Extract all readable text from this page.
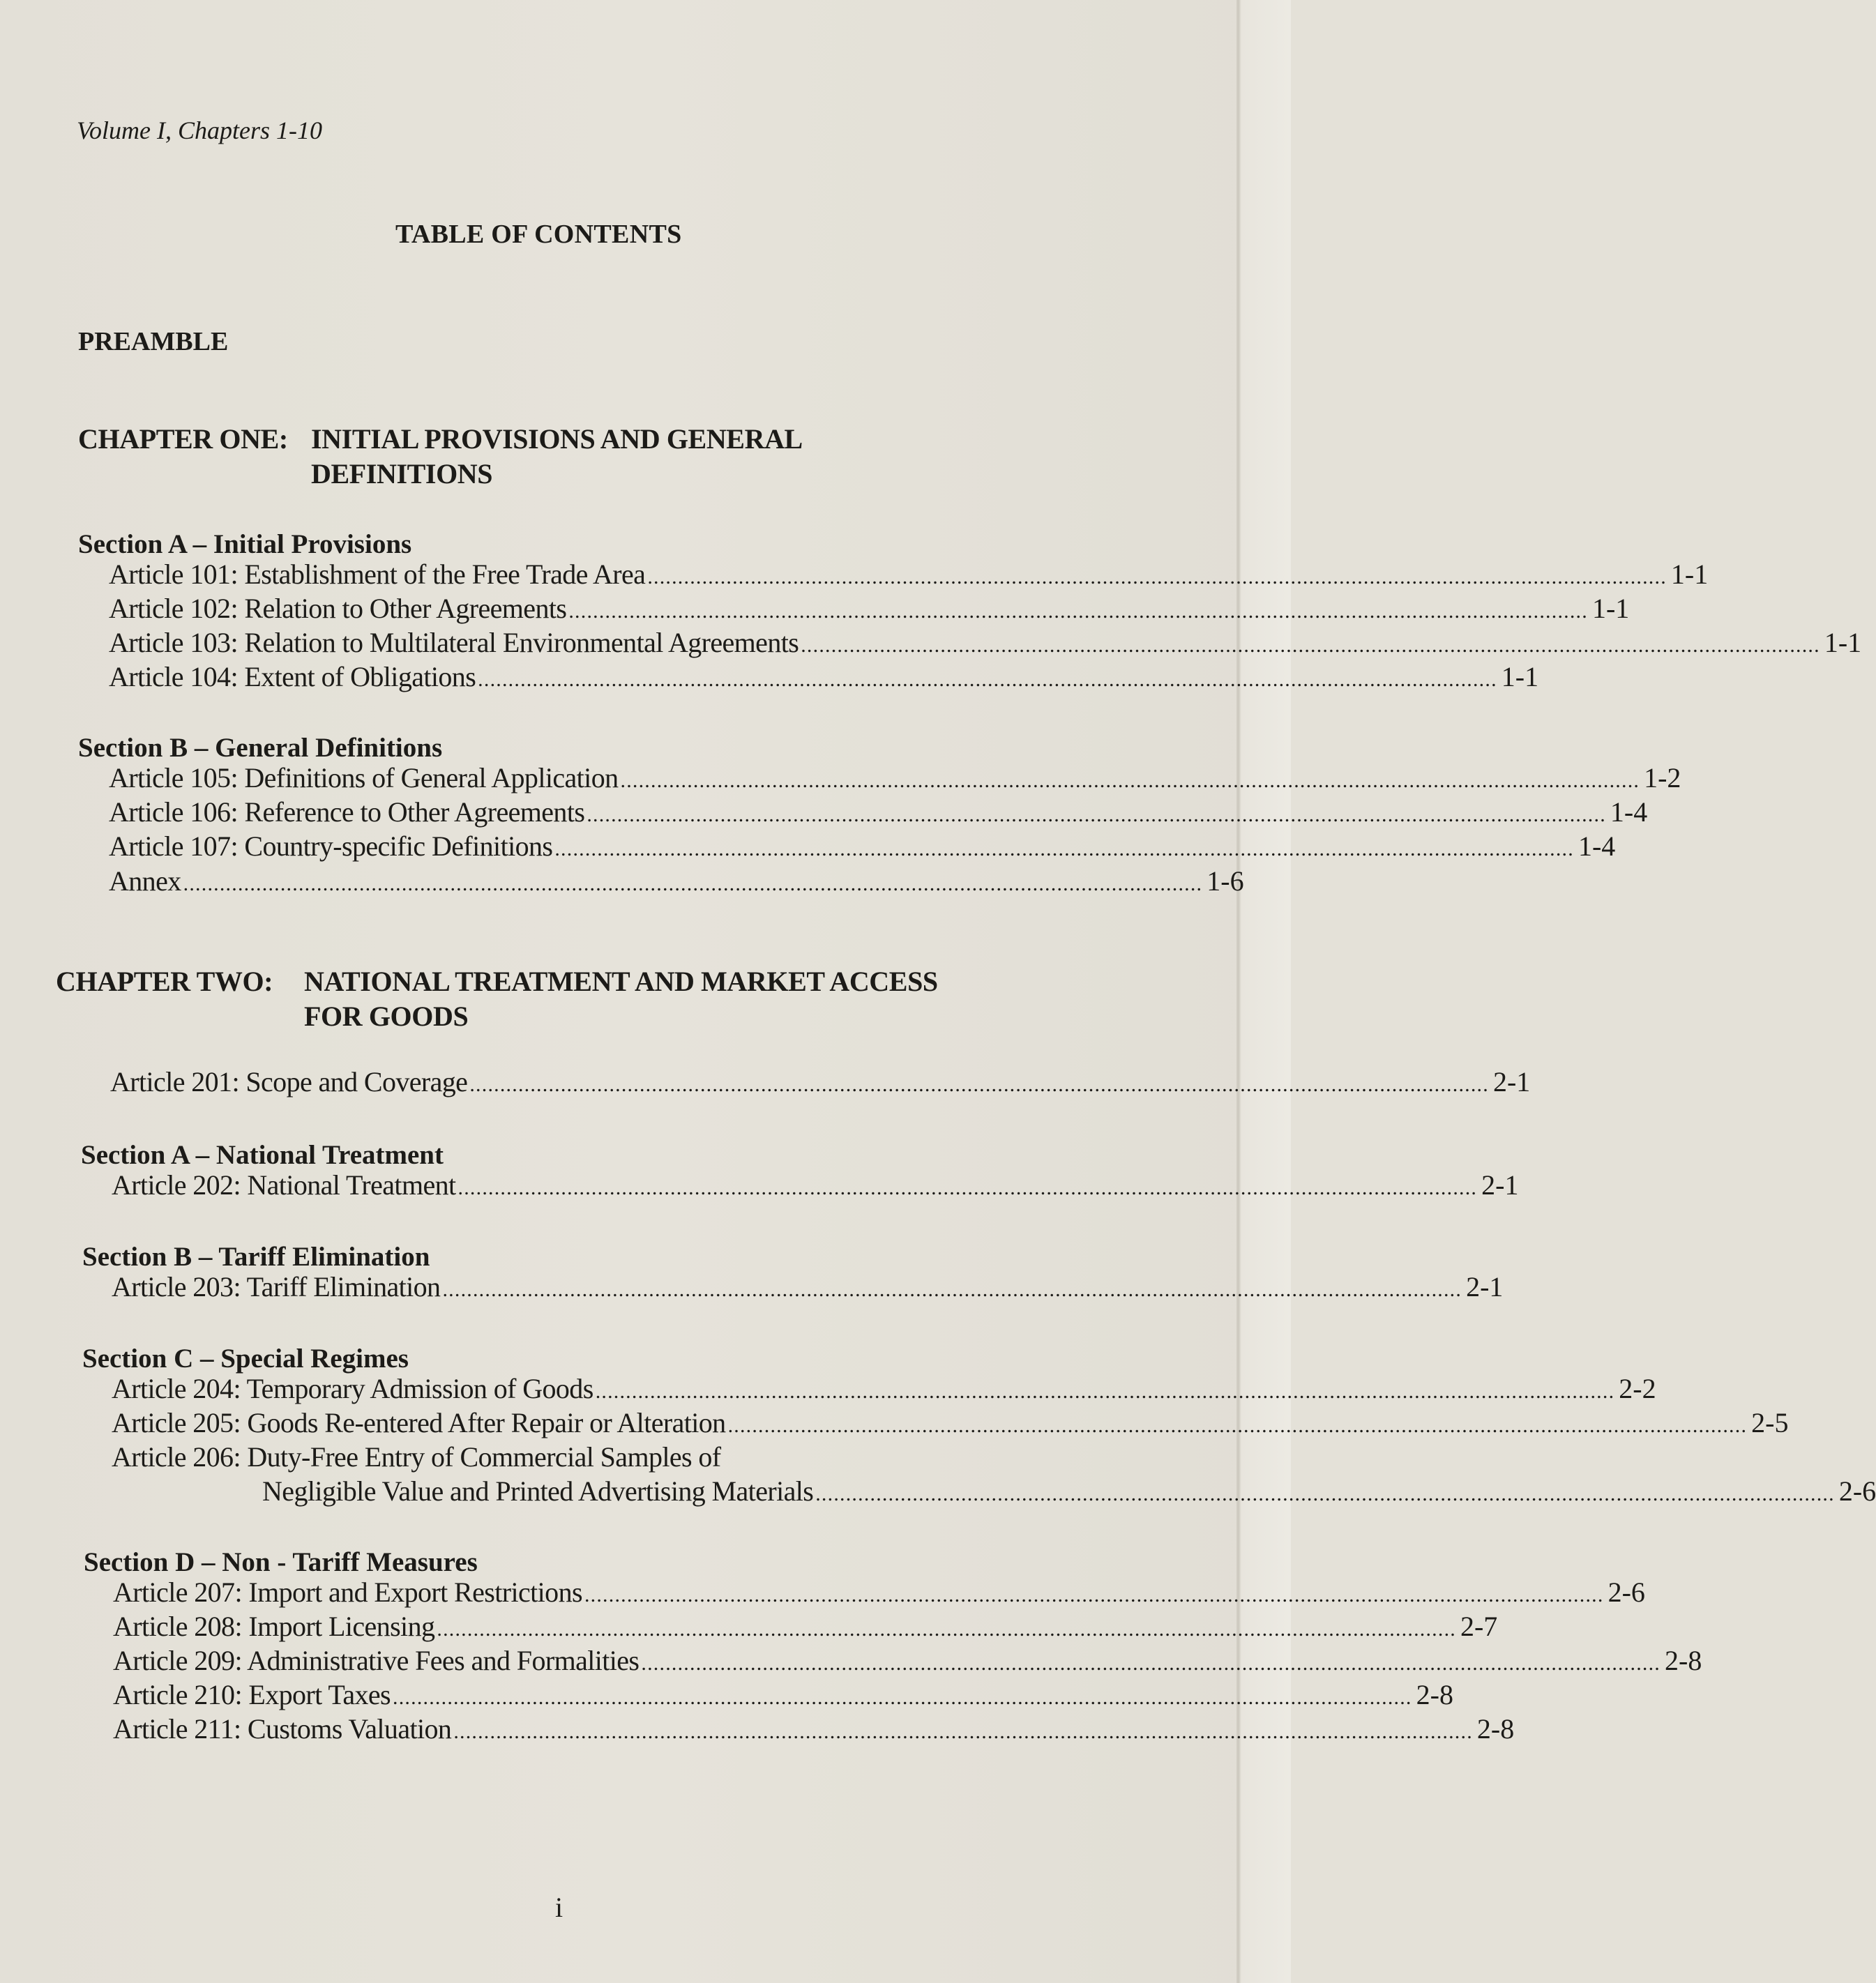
Volume I, Chapters 1-10
TABLE OF CONTENTS
PREAMBLE
CHAPTER ONE: INITIAL PROVISIONS AND GENERAL
DEFINITIONS
Section A – Initial Provisions
Article 101: Establishment of the Free Trade Area ........................................................................................................................................................................ 1-1
Article 102: Relation to Other Agreements ........................................................................................................................................................................ 1-1
Article 103: Relation to Multilateral Environmental Agreements ........................................................................................................................................................................ 1-1
Article 104: Extent of Obligations ........................................................................................................................................................................ 1-1
Section B – General Definitions
Article 105: Definitions of General Application ........................................................................................................................................................................ 1-2
Article 106: Reference to Other Agreements ........................................................................................................................................................................ 1-4
Article 107: Country-specific Definitions ........................................................................................................................................................................ 1-4
Annex ........................................................................................................................................................................ 1-6
CHAPTER TWO: NATIONAL TREATMENT AND MARKET ACCESS
FOR GOODS
Article 201: Scope and Coverage ........................................................................................................................................................................ 2-1
Section A – National Treatment
Article 202: National Treatment ........................................................................................................................................................................ 2-1
Section B – Tariff Elimination
Article 203: Tariff Elimination ........................................................................................................................................................................ 2-1
Section C – Special Regimes
Article 204: Temporary Admission of Goods ........................................................................................................................................................................ 2-2
Article 205: Goods Re-entered After Repair or Alteration ........................................................................................................................................................................ 2-5
Article 206: Duty-Free Entry of Commercial Samples of
Negligible Value and Printed Advertising Materials ........................................................................................................................................................................ 2-6
Section D – Non - Tariff Measures
Article 207: Import and Export Restrictions ........................................................................................................................................................................ 2-6
Article 208: Import Licensing ........................................................................................................................................................................ 2-7
Article 209: Administrative Fees and Formalities ........................................................................................................................................................................ 2-8
Article 210: Export Taxes ........................................................................................................................................................................ 2-8
Article 211: Customs Valuation ........................................................................................................................................................................ 2-8
i
